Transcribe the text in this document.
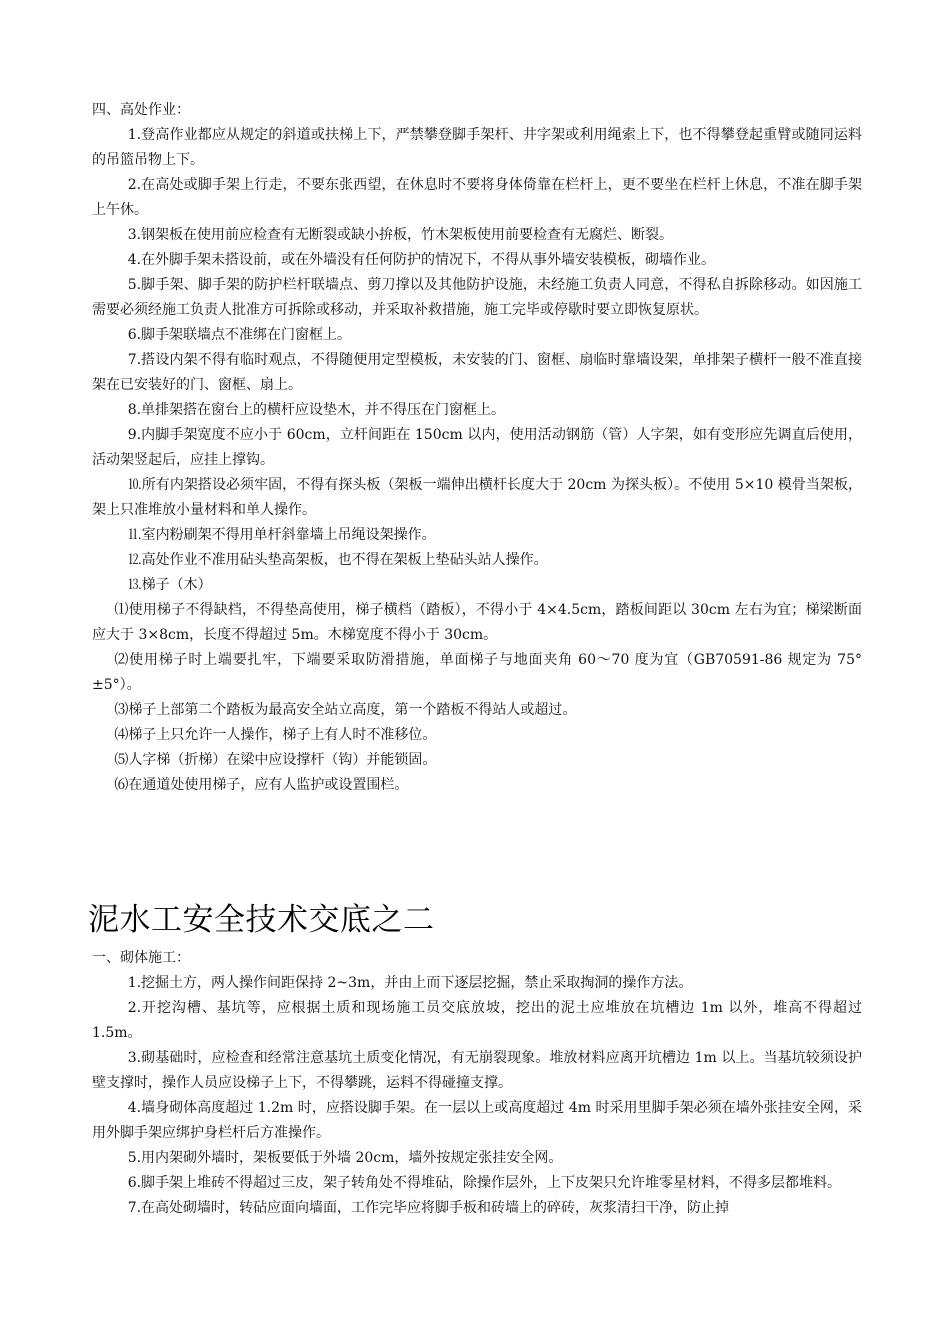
四、高处作业：

1.登高作业都应从规定的斜道或扶梯上下，严禁攀登脚手架杆、井字架或利用绳索上下，也不得攀登起重臂或随同运料的吊篮吊物上下。

2.在高处或脚手架上行走，不要东张西望，在休息时不要将身体倚靠在栏杆上，更不要坐在栏杆上休息，不准在脚手架上午休。

3.钢架板在使用前应检查有无断裂或缺小拚板，竹木架板使用前要检查有无腐烂、断裂。

4.在外脚手架未搭设前，或在外墙没有任何防护的情况下，不得从事外墙安装模板，砌墙作业。

5.脚手架、脚手架的防护栏杆联墙点、剪刀撑以及其他防护设施，未经施工负责人同意，不得私自拆除移动。如因施工需要必须经施工负责人批准方可拆除或移动，并采取补救措施，施工完毕或停歇时要立即恢复原状。

6.脚手架联墙点不准绑在门窗框上。

7.搭设内架不得有临时观点，不得随便用定型模板，未安装的门、窗框、扇临时靠墙设架，单排架子横杆一般不准直接架在已安装好的门、窗框、扇上。

8.单排架搭在窗台上的横杆应设垫木，并不得压在门窗框上。

9.内脚手架宽度不应小于 60cm，立杆间距在 150cm 以内，使用活动钢筋（管）人字架，如有变形应先调直后使用，活动架竖起后，应挂上撑钩。

⒑所有内架搭设必须牢固，不得有探头板（架板一端伸出横杆长度大于 20cm 为探头板）。不使用 5×10 模骨当架板，架上只准堆放小量材料和单人操作。

⒒室内粉刷架不得用单杆斜靠墙上吊绳设架操作。

⒓高处作业不准用砧头垫高架板，也不得在架板上垫砧头站人操作。

⒔梯子（木）

⑴使用梯子不得缺档，不得垫高使用，梯子横档（踏板），不得小于 4×4.5cm，踏板间距以 30cm 左右为宜；梯梁断面应大于 3×8cm，长度不得超过 5m。木梯宽度不得小于 30cm。

⑵使用梯子时上端要扎牢，下端要采取防滑措施，单面梯子与地面夹角 60～70 度为宜（GB70591-86 规定为 75°±5°）。

⑶梯子上部第二个踏板为最高安全站立高度，第一个踏板不得站人或超过。

⑷梯子上只允许一人操作，梯子上有人时不准移位。

⑸人字梯（折梯）在梁中应设撑杆（钩）并能锁固。

⑹在通道处使用梯子，应有人监护或设置围栏。

泥水工安全技术交底之二

一、砌体施工：

1.挖掘土方，两人操作间距保持 2~3m，并由上而下逐层挖掘，禁止采取掏洞的操作方法。

2.开挖沟槽、基坑等，应根据土质和现场施工员交底放坡，挖出的泥土应堆放在坑槽边 1m 以外，堆高不得超过 1.5m。

3.砌基础时，应检查和经常注意基坑土质变化情况，有无崩裂现象。堆放材料应离开坑槽边 1m 以上。当基坑较须设护壁支撑时，操作人员应设梯子上下，不得攀跳，运料不得碰撞支撑。

4.墙身砌体高度超过 1.2m 时，应搭设脚手架。在一层以上或高度超过 4m 时采用里脚手架必须在墙外张挂安全网，采用外脚手架应绑护身栏杆后方准操作。

5.用内架砌外墙时，架板要低于外墙 20cm，墙外按规定张挂安全网。

6.脚手架上堆砖不得超过三皮，架子转角处不得堆砧，除操作层外，上下皮架只允许堆零星材料，不得多层都堆料。

7.在高处砌墙时，转砧应面向墙面，工作完毕应将脚手板和砖墙上的碎砖，灰浆清扫干净，防止掉
